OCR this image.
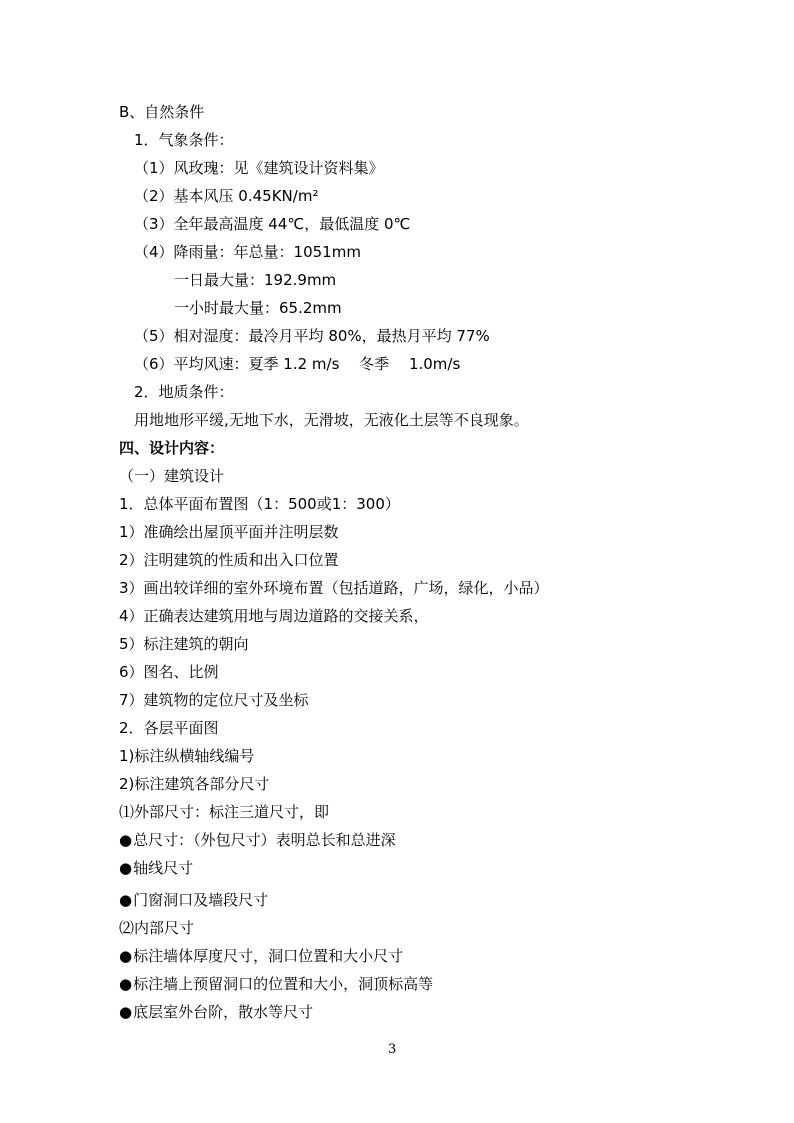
B、自然条件
1．气象条件：
（1）风玫瑰：见《建筑设计资料集》
（2）基本风压 0.45KN/m²
（3）全年最高温度 44℃，最低温度 0℃
（4）降雨量：年总量：1051mm
一日最大量：192.9mm
一小时最大量：65.2mm
（5）相对湿度：最冷月平均 80%，最热月平均 77%
（6）平均风速：夏季 1.2 m/s　 冬季　 1.0m/s
2．地质条件：
用地地形平缓,无地下水，无滑坡，无液化土层等不良现象。
四、设计内容：
（一）建筑设计
1．总体平面布置图（1：500或1：300）
1）准确绘出屋顶平面并注明层数
2）注明建筑的性质和出入口位置
3）画出较详细的室外环境布置（包括道路，广场，绿化，小品）
4）正确表达建筑用地与周边道路的交接关系，
5）标注建筑的朝向
6）图名、比例
7）建筑物的定位尺寸及坐标
2．各层平面图
1)标注纵横轴线编号
2)标注建筑各部分尺寸
⑴外部尺寸：标注三道尺寸，即
●总尺寸：（外包尺寸）表明总长和总进深
●轴线尺寸
●门窗洞口及墙段尺寸
⑵内部尺寸
●标注墙体厚度尺寸，洞口位置和大小尺寸
●标注墙上预留洞口的位置和大小，洞顶标高等
●底层室外台阶，散水等尺寸
3
